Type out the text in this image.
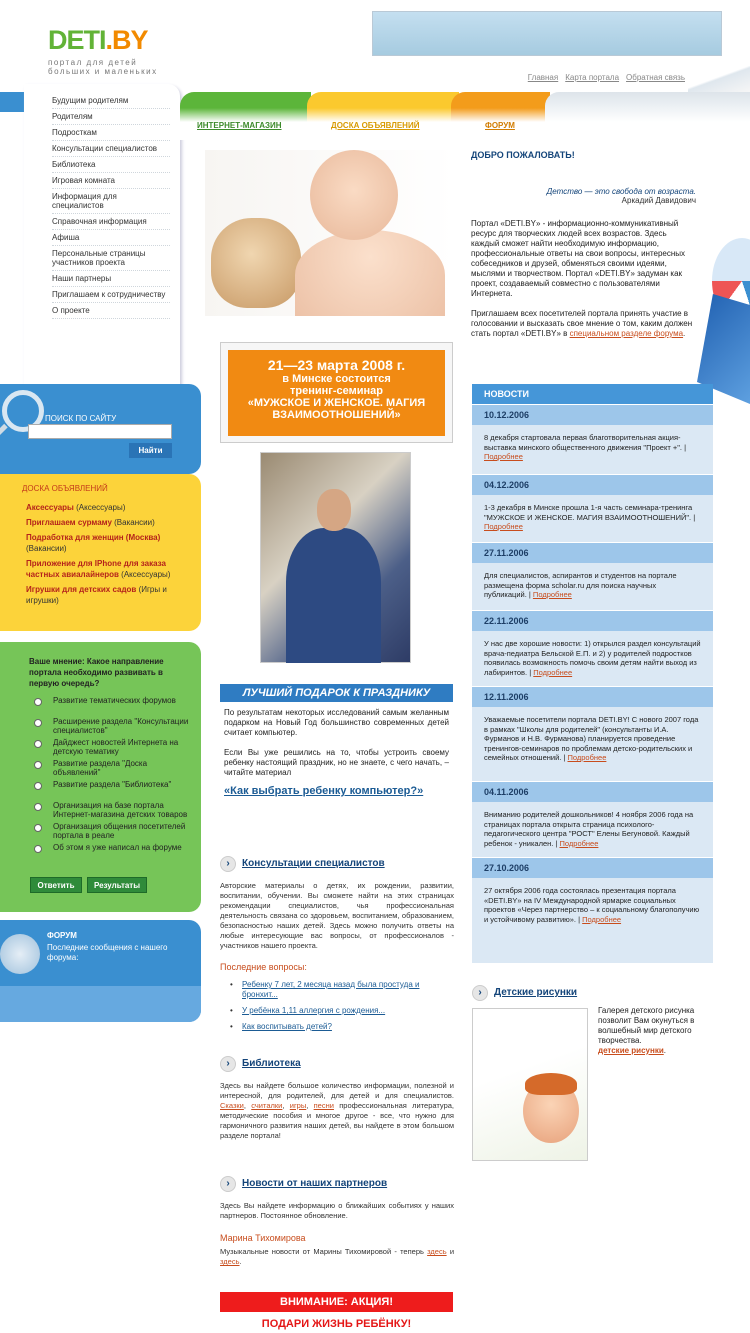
DETI.BY
портал для детей
больших и маленьких
Главная Карта портала Обратная связь
Будущим родителям
Родителям
Подросткам
Консультации специалистов
Библиотека
Игровая комната
Информация для специалистов
Справочная информация
Афиша
Персональные страницы участников проекта
Наши партнеры
Приглашаем к сотрудничеству
О проекте
ПОИСК ПО САЙТУ
Найти
ДОСКА ОБЪЯВЛЕНИЙ
Аксессуары (Аксессуары)
Приглашаем сурмаму (Вакансии)
Подработка для женщин (Москва) (Вакансии)
Приложение для IPhone для заказа частных авиалайнеров (Аксессуары)
Игрушки для детских садов (Игры и игрушки)
Ваше мнение: Какое направление портала необходимо развивать в первую очередь?
Развитие тематических форумов
Расширение раздела "Консультации специалистов"
Дайджест новостей Интернета на детскую тематику
Развитие раздела "Доска объявлений"
Развитие раздела "Библиотека"
Организация на базе портала Интернет-магазина детских товаров
Организация общения посетителей портала в реале
Об этом я уже написал на форуме
Ответить	Результаты
ФОРУМ
Последние сообщения с нашего форума:
ИНТЕРНЕТ-МАГАЗИН	ДОСКА ОБЪЯВЛЕНИЙ	ФОРУМ
21—23 марта 2008 г.
в Минске состоится
тренинг-семинар
«МУЖСКОЕ И ЖЕНСКОЕ. МАГИЯ ВЗАИМООТНОШЕНИЙ»
ЛУЧШИЙ ПОДАРОК К ПРАЗДНИКУ
По результатам некоторых исследований самым желанным подарком на Новый Год большинство современных детей считает компьютер.
Если Вы уже решились на то, чтобы устроить своему ребенку настоящий праздник, но не знаете, с чего начать, – читайте материал
«Как выбрать ребенку компьютер?»
›	Консультации специалистов
Авторские материалы о детях, их рождении, развитии, воспитании, обучении. Вы сможете найти на этих страницах рекомендации специалистов, чья профессиональная деятельность связана со здоровьем, воспитанием, образованием, безопасностью наших детей. Здесь можно получить ответы на любые интересующие вас вопросы, от профессионалов - участников нашего проекта.
Последние вопросы:
• Ребенку 7 лет, 2 месяца назад была простуда и бронхит...
• У ребёнка 1,11 аллергия с рождения...
• Как воспитывать детей?
›	Библиотека
Здесь вы найдете большое количество информации, полезной и интересной, для родителей, для детей и для специалистов. Сказки, считалки, игры, песни профессиональная литература, методические пособия и многое другое - все, что нужно для гармоничного развития наших детей, вы найдете в этом большом разделе портала!
›	Новости от наших партнеров
Здесь Вы найдете информацию о ближайших событиях у наших партнеров. Постоянное обновление.
Марина Тихомирова
Музыкальные новости от Марины Тихомировой - теперь здесь и здесь.
ВНИМАНИЕ: АКЦИЯ!
ПОДАРИ ЖИЗНЬ РЕБЁНКУ!
ДОБРО ПОЖАЛОВАТЬ!
Детство — это свобода от возраста.
Аркадий Давидович
Портал «DETI.BY» - информационно-коммуникативный ресурс для творческих людей всех возрастов. Здесь каждый сможет найти необходимую информацию, профессиональные ответы на свои вопросы, интересных собеседников и друзей, обменяться своими идеями, мыслями и творчеством. Портал «DETI.BY» задуман как проект, создаваемый совместно с пользователями Интернета.
Приглашаем всех посетителей портала принять участие в голосовании и высказать свое мнение о том, каким должен стать портал «DETI.BY» в специальном разделе форума.
НОВОСТИ
10.12.2006
8 декабря стартовала первая благотворительная акция-выставка минского общественного движения "Проект +". | Подробнее
04.12.2006
1-3 декабря в Минске прошла 1-я часть семинара-тренинга "МУЖСКОЕ И ЖЕНСКОЕ. МАГИЯ ВЗАИМООТНОШЕНИЙ". | Подробнее
27.11.2006
Для специалистов, аспирантов и студентов на портале размещена форма scholar.ru для поиска научных публикаций. | Подробнее
22.11.2006
У нас две хорошие новости: 1) открылся раздел консультаций врача-педиатра Бельской Е.П. и 2) у родителей подростков появилась возможность помочь своим детям найти выход из лабиринтов. | Подробнее
12.11.2006
Уважаемые посетители портала DETI.BY! С нового 2007 года в рамках "Школы для родителей" (консультанты И.А. Фурманов и Н.В. Фурманова) планируется проведение тренингов-семинаров по проблемам детско-родительских и семейных отношений. | Подробнее
04.11.2006
Вниманию родителей дошкольников! 4 ноября 2006 года на страницах портала открыта страница психолого-педагогического центра "РОСТ" Елены Бегуновой. Каждый ребенок - уникален. | Подробнее
27.10.2006
27 октября 2006 года состоялась презентация портала «DETI.BY» на IV Международной ярмарке социальных проектов «Через партнерство – к социальному благополучию и устойчивому развитию». | Подробнее
›	Детские рисунки
Галерея детского рисунка позволит Вам окунуться в волшебный мир детского творчества.
детские рисунки.
